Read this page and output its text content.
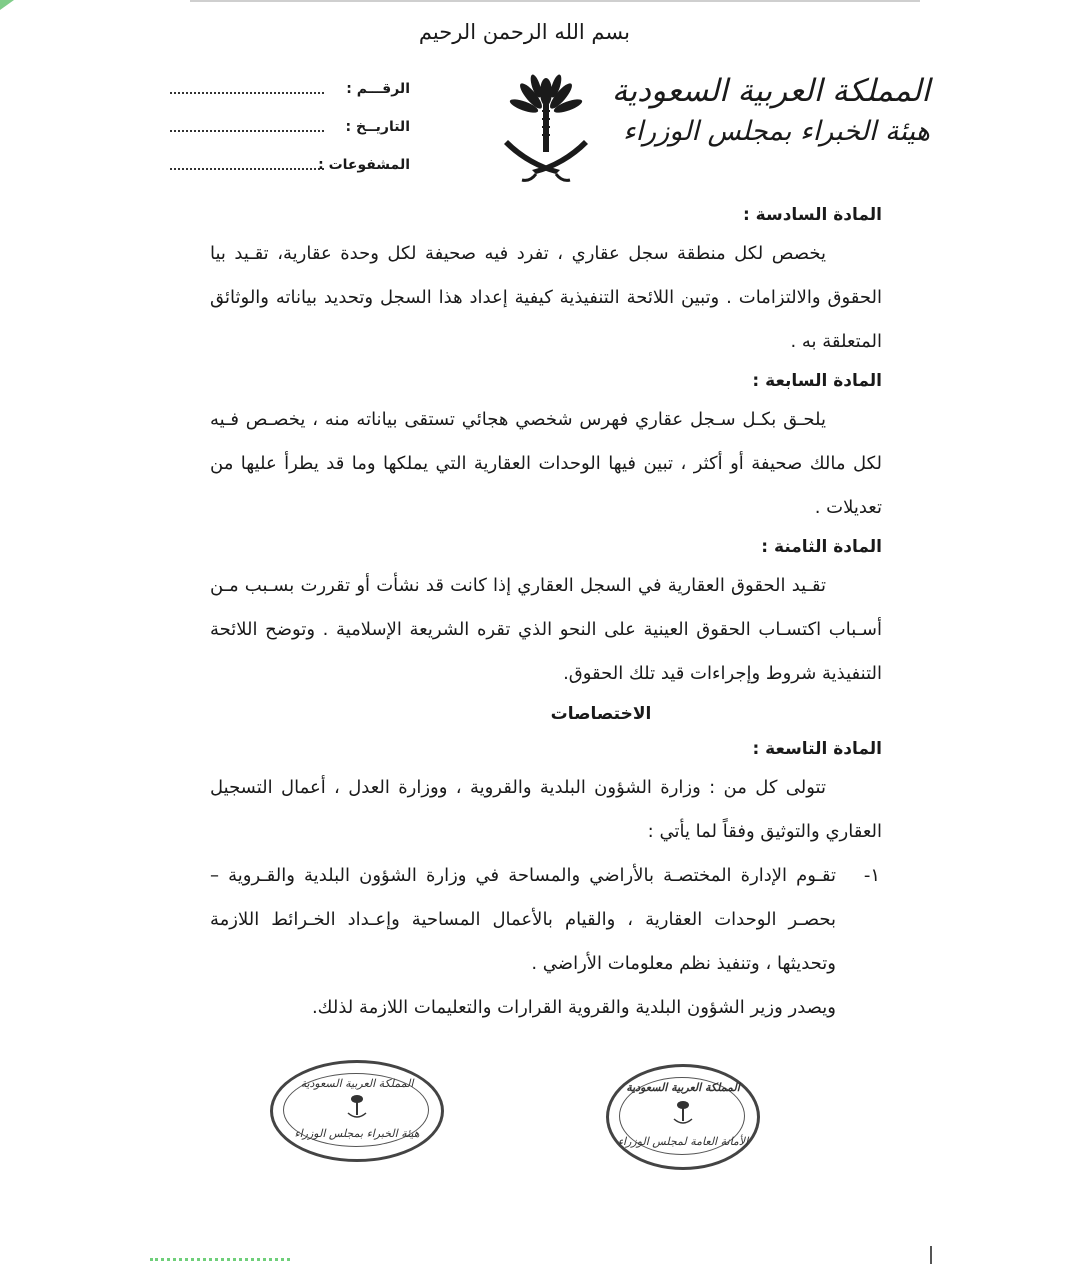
بسم الله الرحمن الرحيم
المملكة العربية السعودية
هيئة الخبراء بمجلس الوزراء
الرقـــم :
التاريــخ :
المشفوعات :
المادة السادسة :
يخصص لكل منطقة سجل عقاري ، تفرد فيه صحيفة لكل وحدة عقارية، تقـيد بيا الحقوق والالتزامات . وتبين اللائحة التنفيذية كيفية إعداد هذا السجل وتحديد بياناته والوثائق المتعلقة به .
المادة السابعة :
يلحـق بكـل سـجل عقاري فهرس شخصي هجائي تستقى بياناته منه ، يخصـص فـيه لكل مالك صحيفة أو أكثر ، تبين فيها الوحدات العقارية التي يملكها وما قد يطرأ عليها من تعديلات .
المادة الثامنة :
تقـيد الحقوق العقارية في السجل العقاري إذا كانت قد نشأت أو تقررت بسـبب مـن أسـباب اكتسـاب الحقوق العينية على النحو الذي تقره الشريعة الإسلامية . وتوضح اللائحة التنفيذية شروط وإجراءات قيد تلك الحقوق.
الاختصاصات
المادة التاسعة :
تتولى كل من : وزارة الشؤون البلدية والقروية ، ووزارة العدل ، أعمال التسجيل العقاري والتوثيق وفقاً لما يأتي :
١-
تقـوم الإدارة المختصـة بالأراضي والمساحة في وزارة الشؤون البلدية والقـروية – بحصـر الوحدات العقارية ، والقيام بالأعمال المساحية وإعـداد الخـرائط اللازمة وتحديثها ، وتنفيذ نظم معلومات الأراضي .
ويصدر وزير الشؤون البلدية والقروية القرارات والتعليمات اللازمة لذلك.
المملكة العربية السعودية
هيئة الخبراء بمجلس الوزراء
المملكة العربية السعودية
الأمانة العامة لمجلس الوزراء
